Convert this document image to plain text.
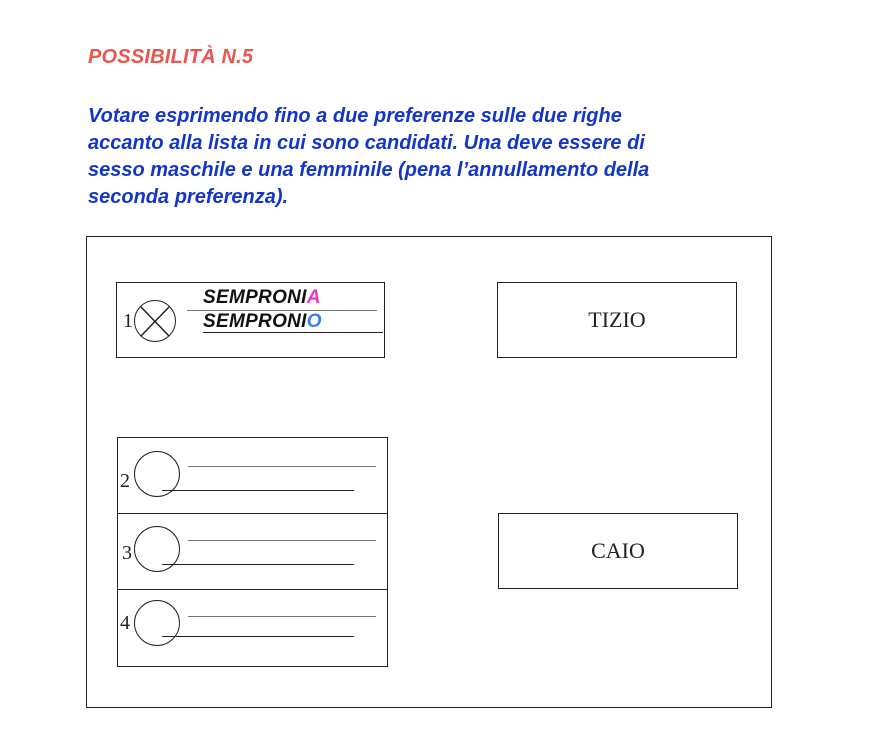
POSSIBILITÀ N.5
Votare esprimendo fino a due preferenze sulle due righe
accanto alla lista in cui sono candidati. Una deve essere di
sesso maschile e una femminile (pena l’annullamento della
seconda preferenza).
1
SEMPRONIA
SEMPRONIO
2
3
4
TIZIO
CAIO
